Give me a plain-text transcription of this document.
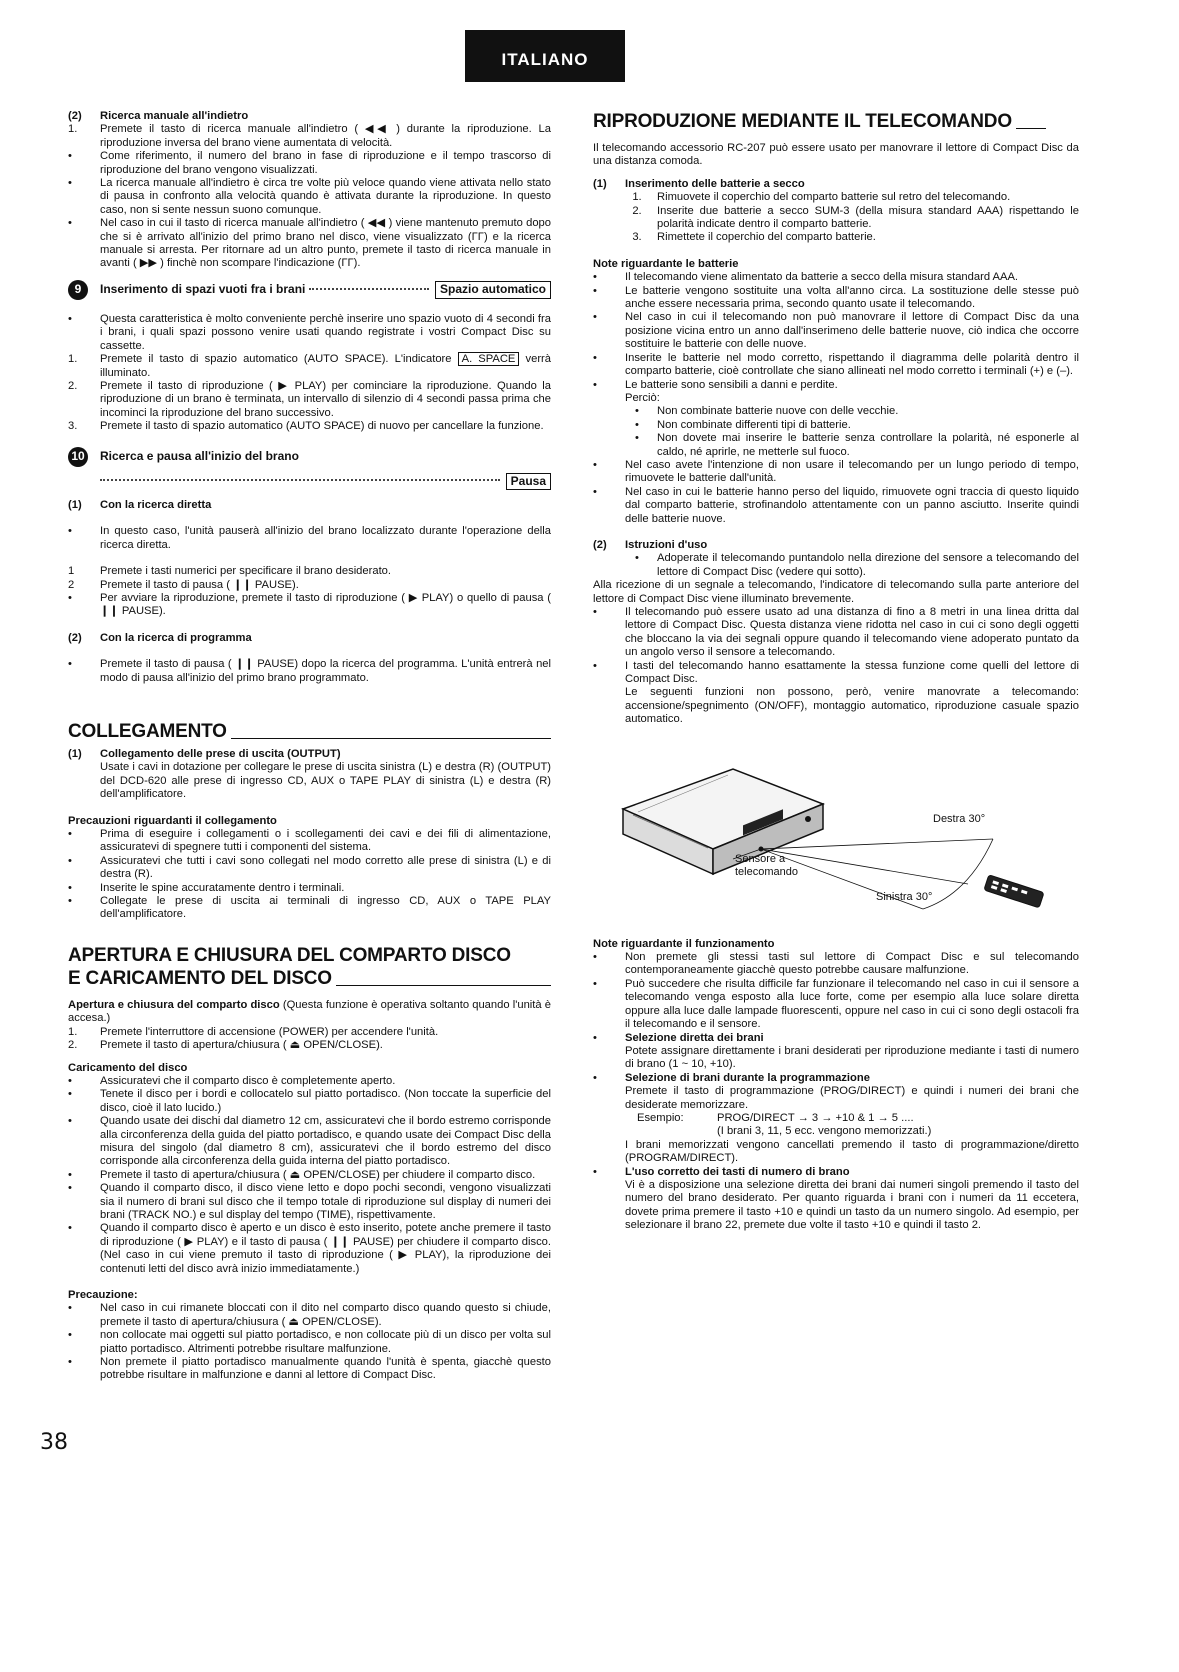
ITALIANO
(2)	Ricerca manuale all'indietro
1.	Premete il tasto di ricerca manuale all'indietro ( ◀◀ ) durante la riproduzione. La riproduzione inversa del brano viene aumentata di velocità.
•	Come riferimento, il numero del brano in fase di riproduzione e il tempo trascorso di riproduzione del brano vengono visualizzati.
•	La ricerca manuale all'indietro è circa tre volte più veloce quando viene attivata nello stato di pausa in confronto alla velocità quando è attivata durante la riproduzione. In questo caso, non si sente nessun suono comunque.
•	Nel caso in cui il tasto di ricerca manuale all'indietro ( ◀◀ ) viene mantenuto premuto dopo che si è arrivato all'inizio del primo brano nel disco, viene visualizzato (ΓΓ) e la ricerca manuale si arresta. Per ritornare ad un altro punto, premete il tasto di ricerca manuale in avanti ( ▶▶ ) finchè non scompare l'indicazione (ΓΓ).
9	Inserimento di spazi vuoti fra i brani	Spazio automatico
•	Questa caratteristica è molto conveniente perchè inserire uno spazio vuoto di 4 secondi fra i brani, i quali spazi possono venire usati quando registrate i vostri Compact Disc su cassette.
1.	Premete il tasto di spazio automatico (AUTO SPACE). L'indicatore A. SPACE verrà illuminato.
2.	Premete il tasto di riproduzione ( ▶ PLAY) per cominciare la riproduzione. Quando la riproduzione di un brano è terminata, un intervallo di silenzio di 4 secondi passa prima che incominci la riproduzione del brano successivo.
3.	Premete il tasto di spazio automatico (AUTO SPACE) di nuovo per cancellare la funzione.
10 Ricerca e pausa all'inizio del brano
Pausa
(1)	Con la ricerca diretta
•	In questo caso, l'unità pauserà all'inizio del brano localizzato durante l'operazione della ricerca diretta.
1	Premete i tasti numerici per specificare il brano desiderato.
2	Premete il tasto di pausa ( ❙❙ PAUSE).
•	Per avviare la riproduzione, premete il tasto di riproduzione ( ▶ PLAY) o quello di pausa ( ❙❙ PAUSE).
(2)	Con la ricerca di programma
•	Premete il tasto di pausa ( ❙❙ PAUSE) dopo la ricerca del programma. L'unità entrerà nel modo di pausa all'inizio del primo brano programmato.
COLLEGAMENTO
(1)	Collegamento delle prese di uscita (OUTPUT)
Usate i cavi in dotazione per collegare le prese di uscita sinistra (L) e destra (R) (OUTPUT) del DCD-620 alle prese di ingresso CD, AUX o TAPE PLAY di sinistra (L) e destra (R) dell'amplificatore.

Precauzioni riguardanti il collegamento

•	Prima di eseguire i collegamenti o i scollegamenti dei cavi e dei fili di alimentazione, assicuratevi di spegnere tutti i componenti del sistema.
•	Assicuratevi che tutti i cavi sono collegati nel modo corretto alle prese di sinistra (L) e di destra (R).
•	Inserite le spine accuratamente dentro i terminali.
•	Collegate le prese di uscita ai terminali di ingresso CD, AUX o TAPE PLAY dell'amplificatore.
APERTURA E CHIUSURA DEL COMPARTO DISCO
E CARICAMENTO DEL DISCO

Apertura e chiusura del comparto disco (Questa funzione è operativa soltanto quando l'unità è accesa.)

1.	Premete l'interruttore di accensione (POWER) per accendere l'unità.
2.	Premete il tasto di apertura/chiusura ( ⏏ OPEN/CLOSE).

Caricamento del disco

•	Assicuratevi che il comparto disco è completemente aperto.
•	Tenete il disco per i bordi e collocatelo sul piatto portadisco. (Non toccate la superficie del disco, cioè il lato lucido.)
•	Quando usate dei dischi dal diametro 12 cm, assicuratevi che il bordo estremo corrisponde alla circonferenza della guida del piatto portadisco, e quando usate dei Compact Disc della misura del singolo (dal diametro 8 cm), assicuratevi che il bordo estremo del disco corrisponde alla circonferenza della guida interna del piatto portadisco.
•	Premete il tasto di apertura/chiusura ( ⏏ OPEN/CLOSE) per chiudere il comparto disco.
•	Quando il comparto disco, il disco viene letto e dopo pochi secondi, vengono visualizzati sia il numero di brani sul disco che il tempo totale di riproduzione sul display di numeri dei brani (TRACK NO.) e sul display del tempo (TIME), rispettivamente.
•	Quando il comparto disco è aperto e un disco è esto inserito, potete anche premere il tasto di riproduzione ( ▶ PLAY) e il tasto di pausa ( ❙❙ PAUSE) per chiudere il comparto disco. (Nel caso in cui viene premuto il tasto di riproduzione ( ▶ PLAY), la riproduzione dei contenuti letti del disco avrà inizio immediatamente.)

Precauzione:

•	Nel caso in cui rimanete bloccati con il dito nel comparto disco quando questo si chiude, premete il tasto di apertura/chiusura ( ⏏ OPEN/CLOSE).
•	non collocate mai oggetti sul piatto portadisco, e non collocate più di un disco per volta sul piatto portadisco. Altrimenti potrebbe risultare malfunzione.
•	Non premete il piatto portadisco manualmente quando l'unità è spenta, giacchè questo potrebbe risultare in malfunzione e danni al lettore di Compact Disc.
RIPRODUZIONE MEDIANTE IL TELECOMANDO

Il telecomando accessorio RC-207 può essere usato per manovrare il lettore di Compact Disc da una distanza comoda.

(1)	Inserimento delle batterie a secco
1.	Rimuovete il coperchio del comparto batterie sul retro del telecomando.
2.	Inserite due batterie a secco SUM-3 (della misura standard AAA) rispettando le polarità indicate dentro il comparto batterie.
3.	Rimettete il coperchio del comparto batterie.

Note riguardante le batterie

•	Il telecomando viene alimentato da batterie a secco della misura standard AAA.
•	Le batterie vengono sostituite una volta all'anno circa. La sostituzione delle stesse può anche essere necessaria prima, secondo quanto usate il telecomando.
•	Nel caso in cui il telecomando non può manovrare il lettore di Compact Disc da una posizione vicina entro un anno dall'inserimeno delle batterie nuove, ciò indica che occorre sostituire le batterie con delle nuove.
•	Inserite le batterie nel modo corretto, rispettando il diagramma delle polarità dentro il comparto batterie, cioè controllate che siano allineati nel modo corretto i terminali (+) e (–).
•	Le batterie sono sensibili a danni e perdite.
Perciò:
•	Non combinate batterie nuove con delle vecchie.
•	Non combinate differenti tipi di batterie.
•	Non dovete mai inserire le batterie senza controllare la polarità, né esponerle al caldo, né aprirle, ne metterle sul fuoco.
•	Nel caso avete l'intenzione di non usare il telecomando per un lungo periodo di tempo, rimuovete le batterie dall'unità.
•	Nel caso in cui le batterie hanno perso del liquido, rimuovete ogni traccia di questo liquido dal comparto batterie, strofinandolo attentamente con un panno asciutto. Inserite quindi delle batterie nuove.
(2)	Istruzioni d'uso
•	Adoperate il telecomando puntandolo nella direzione del sensore a telecomando del lettore di Compact Disc (vedere qui sotto).

Alla ricezione di un segnale a telecomando, l'indicatore di telecomando sulla parte anteriore del lettore di Compact Disc viene illuminato brevemente.

•	Il telecomando può essere usato ad una distanza di fino a 8 metri in una linea dritta dal lettore di Compact Disc. Questa distanza viene ridotta nel caso in cui ci sono degli oggetti che bloccano la via dei segnali oppure quando il telecomando viene adoperato puntato da un angolo verso il sensore a telecomando.
•	I tasti del telecomando hanno esattamente la stessa funzione come quelli del lettore di Compact Disc.
Le seguenti funzioni non possono, però, venire manovrate a telecomando: accensione/spegnimento (ON/OFF), montaggio automatico, riproduzione casuale spazio automatico.
Destra 30°
Sensore a
telecomando
Sinistra 30°

Note riguardante il funzionamento

•	Non premete gli stessi tasti sul lettore di Compact Disc e sul telecomando contemporaneamente giacchè questo potrebbe causare malfunzione.
•	Può succedere che risulta difficile far funzionare il telecomando nel caso in cui il sensore a telecomando venga esposto alla luce forte, come per esempio alla luce solare diretta oppure alla luce dalle lampade fluorescenti, oppure nel caso in cui ci sono degli ostacoli fra il telecomando e il sensore.
•	Selezione diretta dei brani
Potete assignare direttamente i brani desiderati per riproduzione mediante i tasti di numero di brano (1 ~ 10, +10).
•	Selezione di brani durante la programmazione
Premete il tasto di programmazione (PROG/DIRECT) e quindi i numeri dei brani che desiderate memorizzare.
Esempio:	PROG/DIRECT → 3 → +10 & 1 → 5 ....
(I brani 3, 11, 5 ecc. vengono memorizzati.)
I brani memorizzati vengono cancellati premendo il tasto di programmazione/diretto (PROGRAM/DIRECT).
•	L'uso corretto dei tasti di numero di brano
Vi è a disposizione una selezione diretta dei brani dai numeri singoli premendo il tasto del numero del brano desiderato. Per quanto riguarda i brani con i numeri da 11 eccetera, dovete prima premere il tasto +10 e quindi un tasto da un numero singolo. Ad esempio, per selezionare il brano 22, premete due volte il tasto +10 e quindi il tasto 2.
38
